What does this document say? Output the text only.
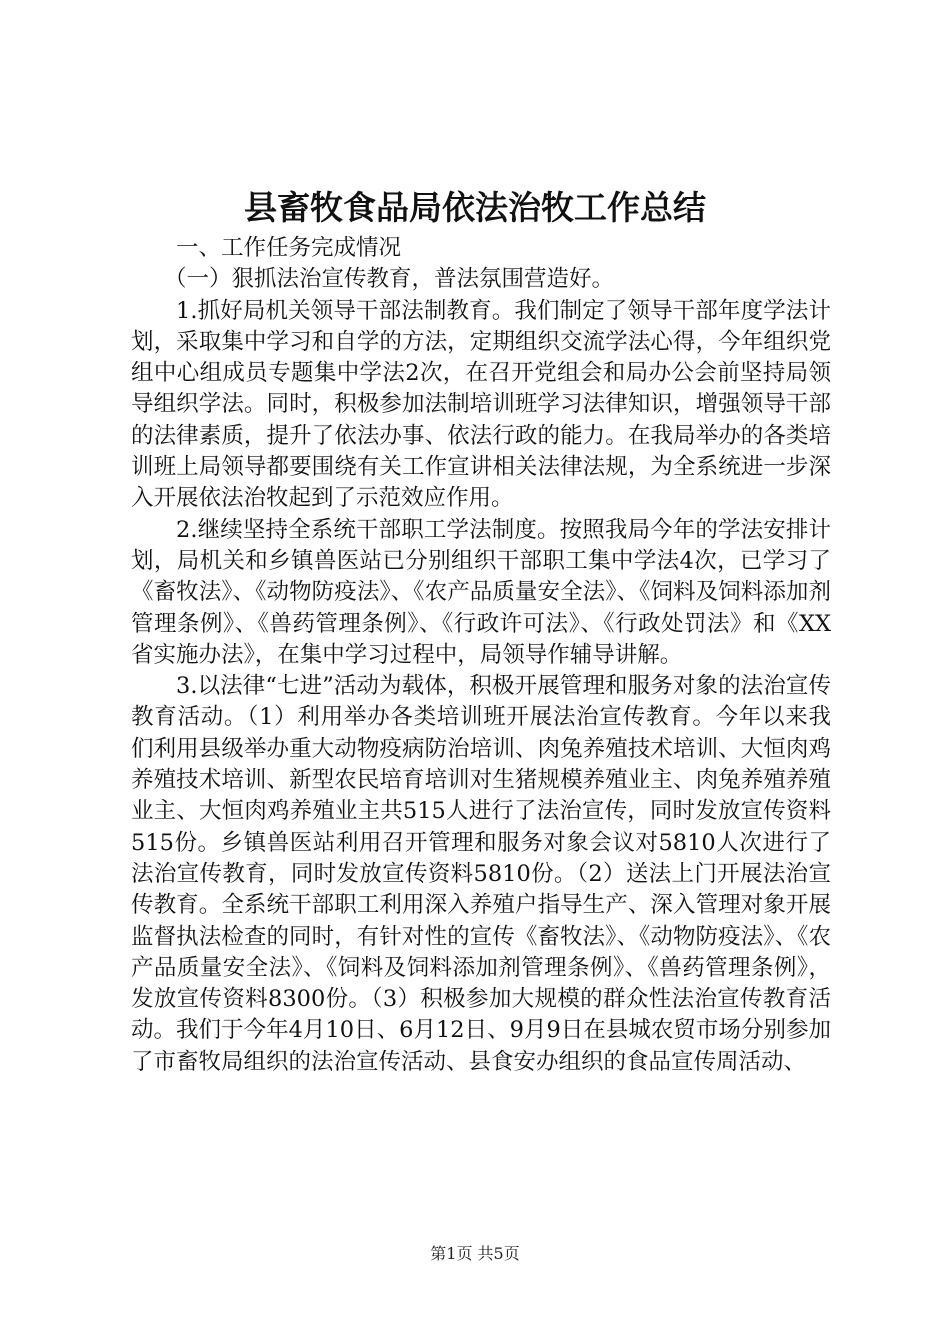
县畜牧食品局依法治牧工作总结

一、工作任务完成情况

（一）狠抓法治宣传教育，普法氛围营造好。

1.抓好局机关领导干部法制教育。我们制定了领导干部年度学法计划，采取集中学习和自学的方法，定期组织交流学法心得，今年组织党组中心组成员专题集中学法2次，在召开党组会和局办公会前坚持局领导组织学法。同时，积极参加法制培训班学习法律知识，增强领导干部的法律素质，提升了依法办事、依法行政的能力。在我局举办的各类培训班上局领导都要围绕有关工作宣讲相关法律法规，为全系统进一步深入开展依法治牧起到了示范效应作用。

2.继续坚持全系统干部职工学法制度。按照我局今年的学法安排计划，局机关和乡镇兽医站已分别组织干部职工集中学法4次，已学习了《畜牧法》、《动物防疫法》、《农产品质量安全法》、《饲料及饲料添加剂管理条例》、《兽药管理条例》、《行政许可法》、《行政处罚法》和《XX省实施办法》，在集中学习过程中，局领导作辅导讲解。

3.以法律“七进”活动为载体，积极开展管理和服务对象的法治宣传教育活动。（1）利用举办各类培训班开展法治宣传教育。今年以来我们利用县级举办重大动物疫病防治培训、肉兔养殖技术培训、大恒肉鸡养殖技术培训、新型农民培育培训对生猪规模养殖业主、肉兔养殖养殖业主、大恒肉鸡养殖业主共515人进行了法治宣传，同时发放宣传资料515份。乡镇兽医站利用召开管理和服务对象会议对5810人次进行了法治宣传教育，同时发放宣传资料5810份。（2）送法上门开展法治宣传教育。全系统干部职工利用深入养殖户指导生产、深入管理对象开展监督执法检查的同时，有针对性的宣传《畜牧法》、《动物防疫法》、《农产品质量安全法》、《饲料及饲料添加剂管理条例》、《兽药管理条例》，发放宣传资料8300份。（3）积极参加大规模的群众性法治宣传教育活动。我们于今年4月10日、6月12日、9月9日在县城农贸市场分别参加了市畜牧局组织的法治宣传活动、县食安办组织的食品宣传周活动、

第1页 共5页
